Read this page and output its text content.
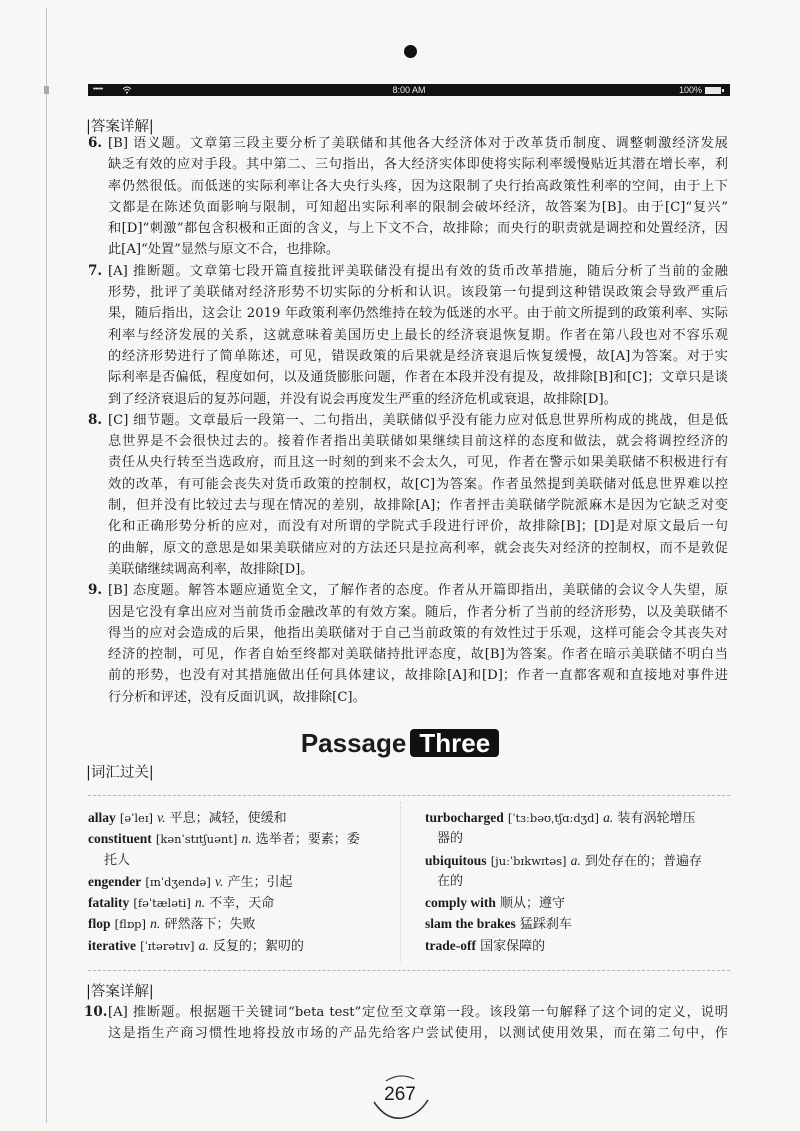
•••••	8:00 AM	100%
|答案详解|
6. [B] 语义题。文章第三段主要分析了美联储和其他各大经济体对于改革货币制度、调整刺激经济发展
缺乏有效的应对手段。其中第二、三句指出，各大经济实体即使将实际利率缓慢贴近其潜在增长率，利
率仍然很低。而低迷的实际利率让各大央行头疼，因为这限制了央行抬高政策性利率的空间，由于上下
文都是在陈述负面影响与限制，可知超出实际利率的限制会破坏经济，故答案为[B]。由于[C]“复兴”
和[D]“刺激”都包含积极和正面的含义，与上下文不合，故排除；而央行的职责就是调控和处置经济，因
此[A]“处置”显然与原文不合，也排除。
7. [A] 推断题。文章第七段开篇直接批评美联储没有提出有效的货币改革措施，随后分析了当前的金融
形势，批评了美联储对经济形势不切实际的分析和认识。该段第一句提到这种错误政策会导致严重后
果，随后指出，这会让 2019 年政策利率仍然维持在较为低迷的水平。由于前文所提到的政策利率、实际
利率与经济发展的关系，这就意味着美国历史上最长的经济衰退恢复期。作者在第八段也对不容乐观
的经济形势进行了简单陈述，可见，错误政策的后果就是经济衰退后恢复缓慢，故[A]为答案。对于实
际利率是否偏低，程度如何，以及通货膨胀问题，作者在本段并没有提及，故排除[B]和[C]；文章只是谈
到了经济衰退后的复苏问题，并没有说会再度发生严重的经济危机或衰退，故排除[D]。
8. [C] 细节题。文章最后一段第一、二句指出，美联储似乎没有能力应对低息世界所构成的挑战，但是低
息世界是不会很快过去的。接着作者指出美联储如果继续目前这样的态度和做法，就会将调控经济的
责任从央行转至当选政府，而且这一时刻的到来不会太久，可见，作者在警示如果美联储不积极进行有
效的改革，有可能会丧失对货币政策的控制权，故[C]为答案。作者虽然提到美联储对低息世界难以控
制，但并没有比较过去与现在情况的差别，故排除[A]；作者抨击美联储学院派麻木是因为它缺乏对变
化和正确形势分析的应对，而没有对所谓的学院式手段进行评价，故排除[B]；[D]是对原文最后一句
的曲解，原文的意思是如果美联储应对的方法还只是拉高利率，就会丧失对经济的控制权，而不是敦促
美联储继续调高利率，故排除[D]。
9. [B] 态度题。解答本题应通览全文，了解作者的态度。作者从开篇即指出，美联储的会议令人失望，原
因是它没有拿出应对当前货币金融改革的有效方案。随后，作者分析了当前的经济形势，以及美联储不
得当的应对会造成的后果，他指出美联储对于自己当前政策的有效性过于乐观，这样可能会令其丧失对
经济的控制，可见，作者自始至终都对美联储持批评态度，故[B]为答案。作者在暗示美联储不明白当
前的形势，也没有对其措施做出任何具体建议，故排除[A]和[D]；作者一直都客观和直接地对事件进
行分析和评述，没有反面讥讽，故排除[C]。
Passage Three
|词汇过关|
allay [əˈleɪ] v. 平息；减轻，使缓和
constituent [kənˈstɪtʃuənt] n. 选举者；要素；委
托人
engender [ɪnˈdʒendə] v. 产生；引起
fatality [fəˈtæləti] n. 不幸，天命
flop [flɒp] n. 砰然落下；失败
iterative [ˈɪtərətɪv] a. 反复的；絮叨的
turbocharged [ˈtɜːbəʊˌtʃɑːdʒd] a. 装有涡轮增压
器的
ubiquitous [juːˈbɪkwɪtəs] a. 到处存在的；普遍存
在的
comply with 顺从；遵守
slam the brakes 猛踩刹车
trade-off 国家保障的
|答案详解|
10. [A] 推断题。根据题干关键词“beta test”定位至文章第一段。该段第一句解释了这个词的定义，说明
这是指生产商习惯性地将投放市场的产品先给客户尝试使用，以测试使用效果，而在第二句中，作
267
